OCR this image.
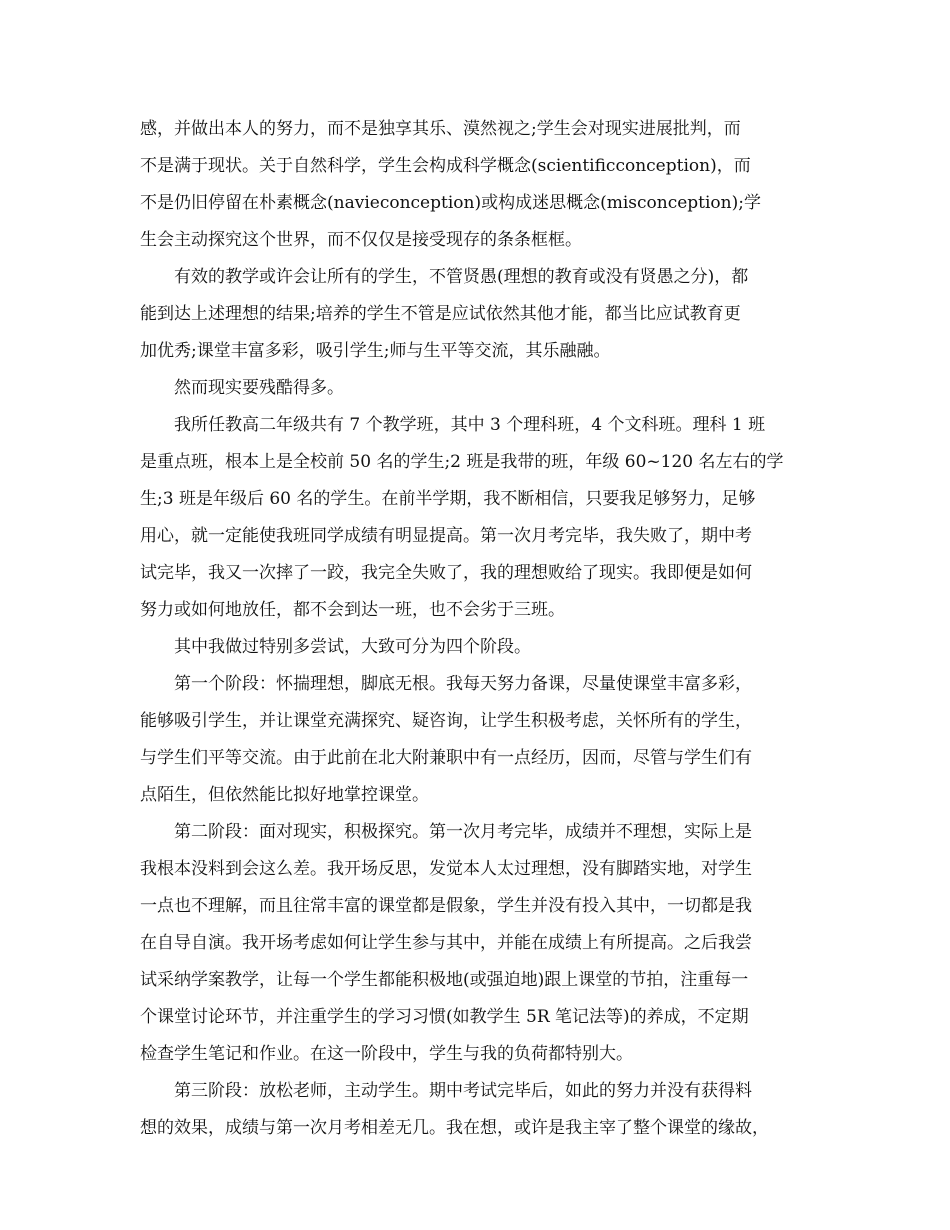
感，并做出本人的努力，而不是独享其乐、漠然视之;学生会对现实进展批判，而
不是满于现状。关于自然科学，学生会构成科学概念(scientificconception)，而
不是仍旧停留在朴素概念(navieconception)或构成迷思概念(misconception);学
生会主动探究这个世界，而不仅仅是接受现存的条条框框。
　　有效的教学或许会让所有的学生，不管贤愚(理想的教育或没有贤愚之分)，都
能到达上述理想的结果;培养的学生不管是应试依然其他才能，都当比应试教育更
加优秀;课堂丰富多彩，吸引学生;师与生平等交流，其乐融融。
　　然而现实要残酷得多。
　　我所任教高二年级共有 7 个教学班，其中 3 个理科班，4 个文科班。理科 1 班
是重点班，根本上是全校前 50 名的学生;2 班是我带的班，年级 60~120 名左右的学
生;3 班是年级后 60 名的学生。在前半学期，我不断相信，只要我足够努力，足够
用心，就一定能使我班同学成绩有明显提高。第一次月考完毕，我失败了，期中考
试完毕，我又一次摔了一跤，我完全失败了，我的理想败给了现实。我即便是如何
努力或如何地放任，都不会到达一班，也不会劣于三班。
　　其中我做过特别多尝试，大致可分为四个阶段。
　　第一个阶段：怀揣理想，脚底无根。我每天努力备课，尽量使课堂丰富多彩，
能够吸引学生，并让课堂充满探究、疑咨询，让学生积极考虑，关怀所有的学生，
与学生们平等交流。由于此前在北大附兼职中有一点经历，因而，尽管与学生们有
点陌生，但依然能比拟好地掌控课堂。
　　第二阶段：面对现实，积极探究。第一次月考完毕，成绩并不理想，实际上是
我根本没料到会这么差。我开场反思，发觉本人太过理想，没有脚踏实地，对学生
一点也不理解，而且往常丰富的课堂都是假象，学生并没有投入其中，一切都是我
在自导自演。我开场考虑如何让学生参与其中，并能在成绩上有所提高。之后我尝
试采纳学案教学，让每一个学生都能积极地(或强迫地)跟上课堂的节拍，注重每一
个课堂讨论环节，并注重学生的学习习惯(如教学生 5R 笔记法等)的养成，不定期
检查学生笔记和作业。在这一阶段中，学生与我的负荷都特别大。
　　第三阶段：放松老师，主动学生。期中考试完毕后，如此的努力并没有获得料
想的效果，成绩与第一次月考相差无几。我在想，或许是我主宰了整个课堂的缘故，
